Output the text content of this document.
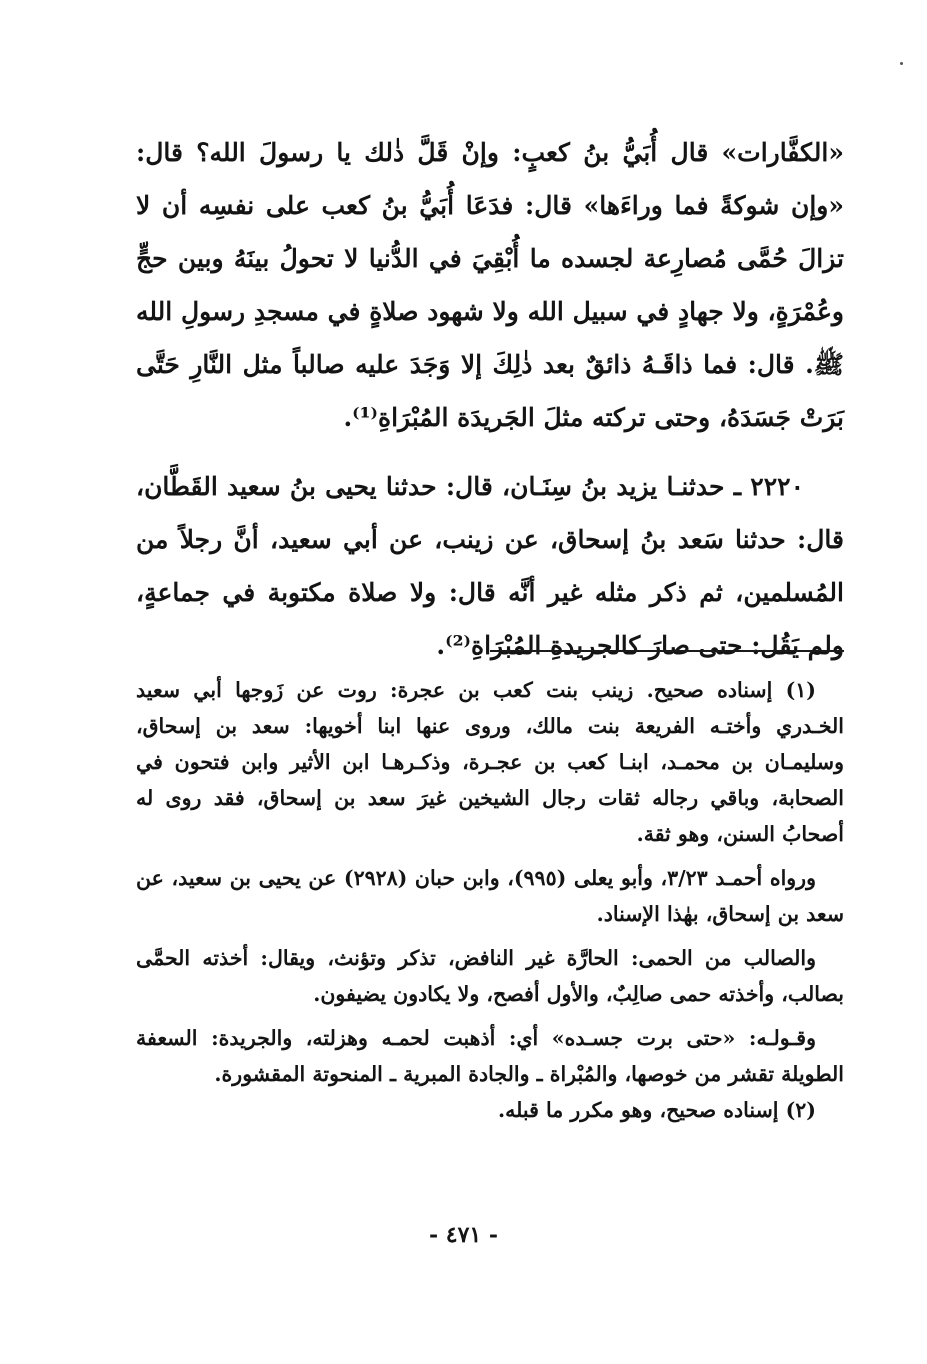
«الكفَّارات» قال أُبَيُّ بنُ كعبٍ: وإنْ قَلَّ ذٰلك يا رسولَ الله؟ قال: «وإن شوكةً فما وراءَها» قال: فدَعَا أُبَيُّ بنُ كعب على نفسِه أن لا تزالَ حُمَّى مُصارِعة لجسده ما أُبْقِيَ في الدُّنيا لا تحولُ بينَهُ وبين حجٍّ وعُمْرَةٍ، ولا جهادٍ في سبيل الله ولا شهود صلاةٍ في مسجدِ رسولِ الله ﷺ. قال: فما ذاقَـهُ ذائقٌ بعد ذٰلِكَ إلا وَجَدَ عليه صالباً مثل النَّارِ حَتَّى بَرَتْ جَسَدَهُ، وحتى تركته مثلَ الجَريدَة المُبْرَاةِ⁽¹⁾.

٢٢٢٠ ـ حدثنـا يزيد بنُ سِنَـان، قال: حدثنا يحيى بنُ سعيد القَطَّان، قال: حدثنا سَعد بنُ إسحاق، عن زينب، عن أبي سعيد، أنَّ رجلاً من المُسلمين، ثم ذكر مثله غير أنَّه قال: ولا صلاة مكتوبة في جماعةٍ، ولم يَقُل: حتى صارَ كالجريدةِ المُبْرَاةِ⁽²⁾.

(١) إسناده صحيح. زينب بنت كعب بن عجرة: روت عن زَوجها أبي سعيد الخـدري وأختـه الفريعة بنت مالك، وروى عنها ابنا أخويها: سعد بن إسحاق، وسليمـان بن محمـد، ابنـا كعب بن عجـرة، وذكـرهـا ابن الأثير وابن فتحون في الصحابة، وباقي رجاله ثقات رجال الشيخين غيرَ سعد بن إسحاق، فقد روى له أصحابُ السنن، وهو ثقة.

ورواه أحمـد ٣/٢٣، وأبو يعلى (٩٩٥)، وابن حبان (٢٩٢٨) عن يحيى بن سعيد، عن سعد بن إسحاق، بهٰذا الإسناد.

والصالب من الحمى: الحارَّة غير النافض، تذكر وتؤنث، ويقال: أخذته الحمَّى بصالب، وأخذته حمى صالِبٌ، والأول أفصح، ولا يكادون يضيفون.

وقـولـه: «حتى برت جسـده» أي: أذهبت لحمـه وهزلته، والجريدة: السعفة الطويلة تقشر من خوصها، والمُبْراة ـ والجادة المبرية ـ المنحوتة المقشورة.

(٢) إسناده صحيح، وهو مكرر ما قبله.

- ٤٧١ -
